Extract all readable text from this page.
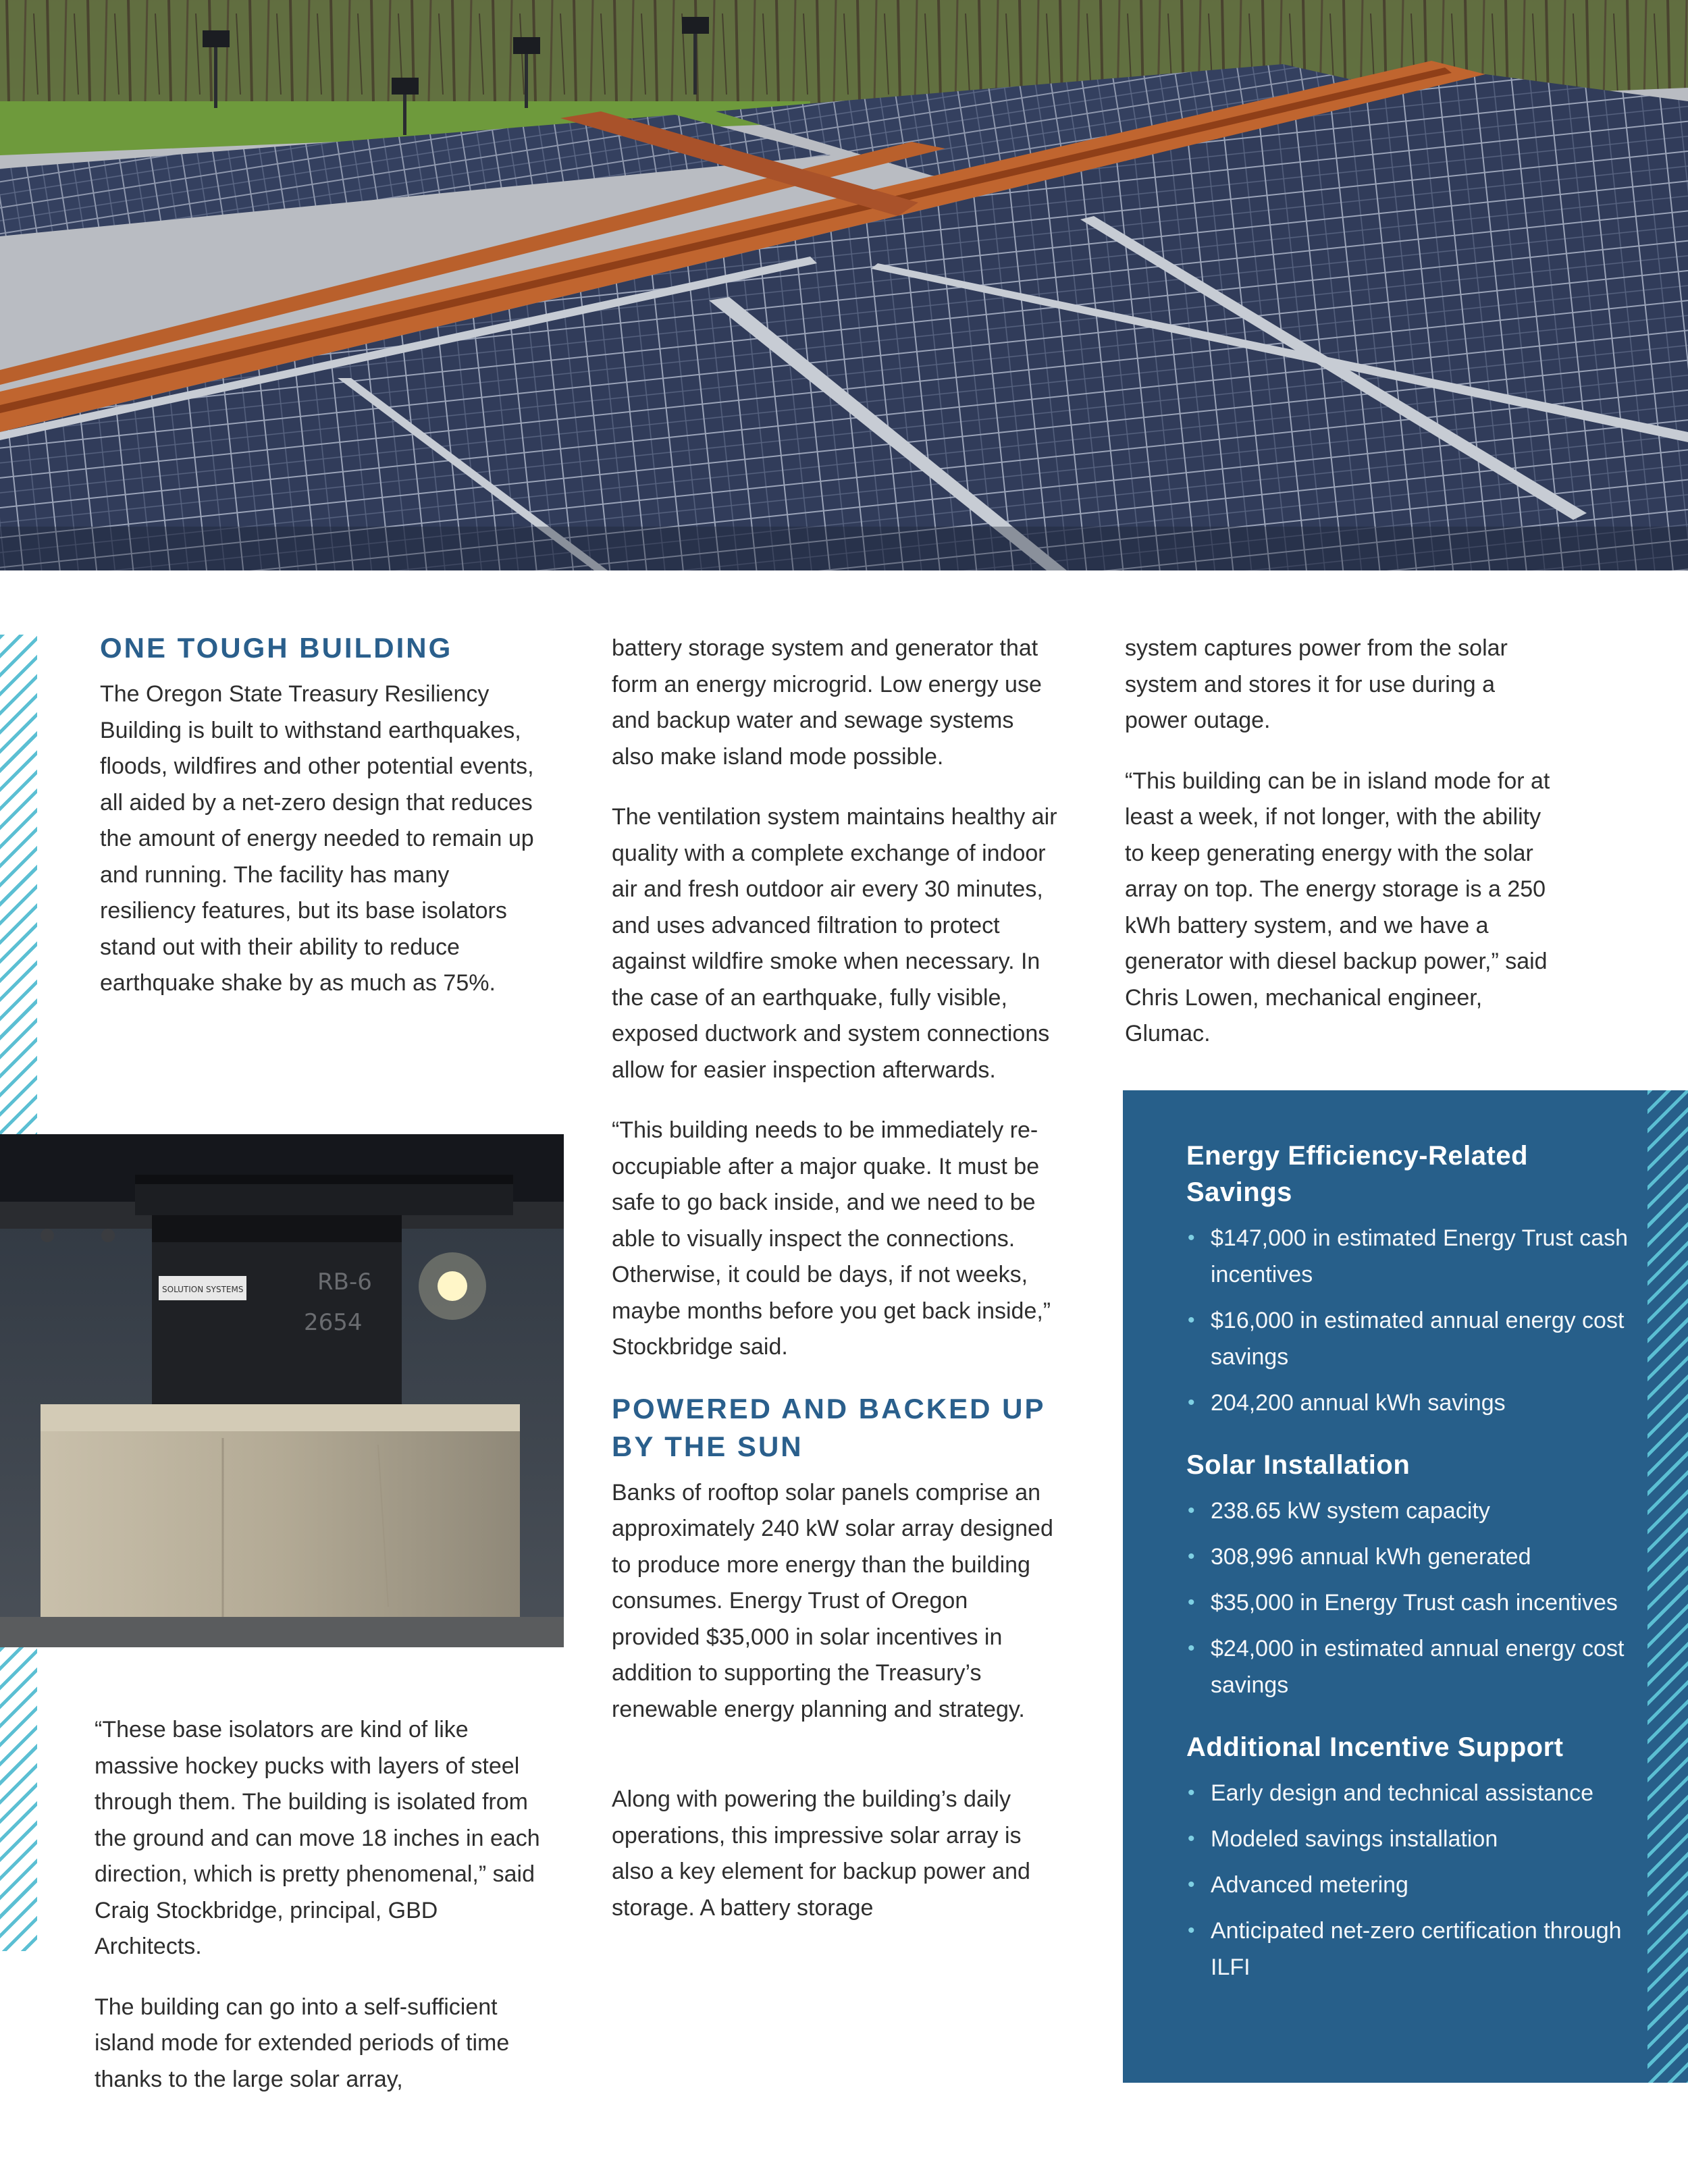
ONE TOUGH BUILDING

The Oregon State Treasury Resiliency Building is built to withstand earthquakes, floods, wildfires and other potential events, all aided by a net-zero design that reduces the amount of energy needed to remain up and running. The facility has many resiliency features, but its base isolators stand out with their ability to reduce earthquake shake by as much as 75%.

SOLUTION SYSTEMS	RB-6
2654

“These base isolators are kind of like massive hockey pucks with layers of steel through them. The building is isolated from the ground and can move 18 inches in each direction, which is pretty phenomenal,” said Craig Stockbridge, principal, GBD Architects.

The building can go into a self-sufficient island mode for extended periods of time thanks to the large solar array,

battery storage system and generator that form an energy microgrid. Low energy use and backup water and sewage systems also make island mode possible.

The ventilation system maintains healthy air quality with a complete exchange of indoor air and fresh outdoor air every 30 minutes, and uses advanced filtration to protect against wildfire smoke when necessary. In the case of an earthquake, fully visible, exposed ductwork and system connections allow for easier inspection afterwards.

“This building needs to be immediately re-occupiable after a major quake. It must be safe to go back inside, and we need to be able to visually inspect the connections. Otherwise, it could be days, if not weeks, maybe months before you get back inside,” Stockbridge said.

POWERED AND BACKED UP BY THE SUN

Banks of rooftop solar panels comprise an approximately 240 kW solar array designed to produce more energy than the building consumes. Energy Trust of Oregon provided $35,000 in solar incentives in addition to supporting the Treasury’s renewable energy planning and strategy.

Along with powering the building’s daily operations, this impressive solar array is also a key element for backup power and storage. A battery storage

system captures power from the solar system and stores it for use during a power outage.

“This building can be in island mode for at least a week, if not longer, with the ability to keep generating energy with the solar array on top. The energy storage is a 250 kWh battery system, and we have a generator with diesel backup power,” said Chris Lowen, mechanical engineer, Glumac.

Energy Efficiency-Related Savings
• $147,000 in estimated Energy Trust cash incentives
• $16,000 in estimated annual energy cost savings
• 204,200 annual kWh savings
Solar Installation
• 238.65 kW system capacity
• 308,996 annual kWh generated
• $35,000 in Energy Trust cash incentives
• $24,000 in estimated annual energy cost savings
Additional Incentive Support
• Early design and technical assistance
• Modeled savings installation
• Advanced metering
• Anticipated net-zero certification through ILFI
